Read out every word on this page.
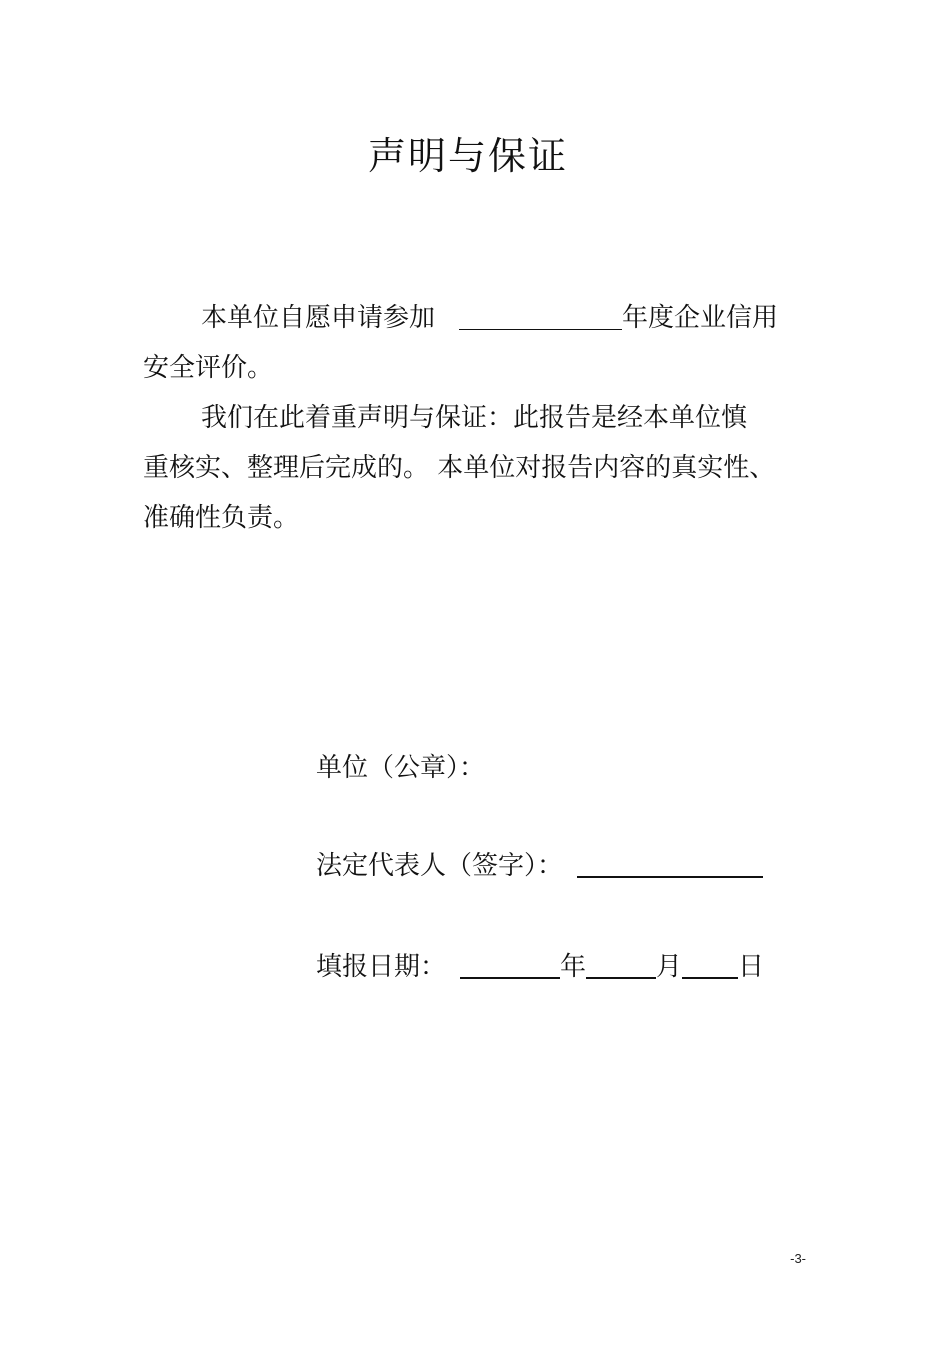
声明与保证
本单位自愿申请参加	年度企业信用
安全评价。
我们在此着重声明与保证：此报告是经本单位慎
重核实、整理后完成的。 本单位对报告内容的真实性、
准确性负责。
单位（公章）：
法定代表人（签字）：
填报日期：	年	月 日
-3-
